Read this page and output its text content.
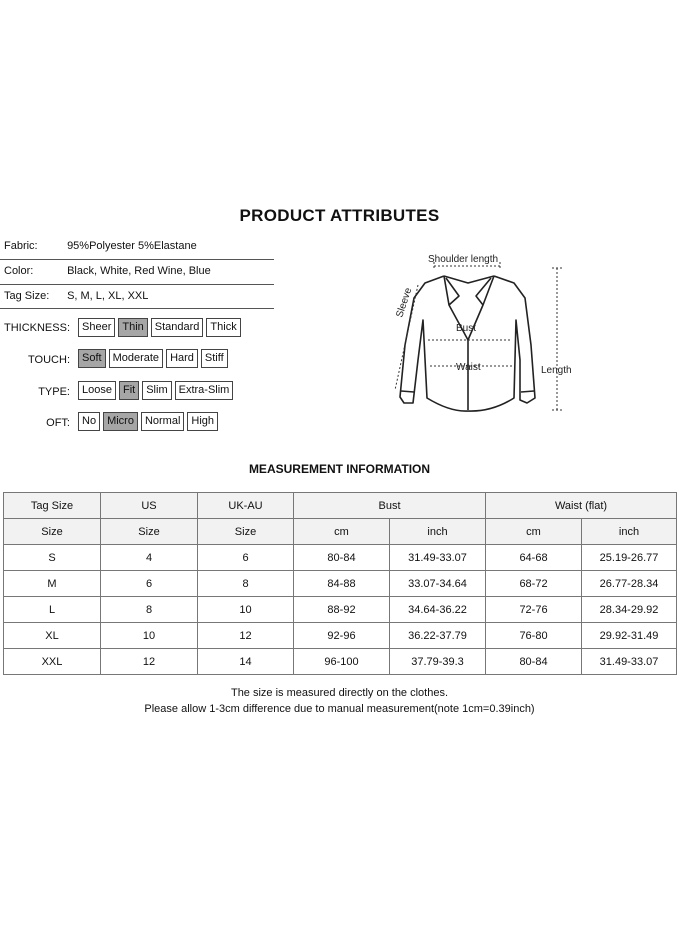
PRODUCT ATTRIBUTES
Fabric:	95%Polyester 5%Elastane
Color:	Black, White, Red Wine, Blue
Tag Size: S, M, L, XL, XXL
THICKNESS:	Sheer	Thin	Standard	Thick
TOUCH:	Soft	Moderate	Hard	Stiff
TYPE:	Loose	Fit	Slim	Extra-Slim
OFT:	No	Micro	Normal	High
Shoulder length
Sleeve
Bust
Waist	Length
MEASUREMENT INFORMATION
Tag Size	US	UK-AU	Bust		Waist (flat)	
Size	Size	Size	cm	inch	cm	inch
S	4	6	80-84	31.49-33.07	64-68	25.19-26.77
M	6	8	84-88	33.07-34.64	68-72	26.77-28.34
L	8	10	88-92	34.64-36.22	72-76	28.34-29.92
XL	10	12	92-96	36.22-37.79	76-80	29.92-31.49
XXL	12	14	96-100	37.79-39.3	80-84	31.49-33.07
The size is measured directly on the clothes.
Please allow 1-3cm difference due to manual measurement(note 1cm=0.39inch)
